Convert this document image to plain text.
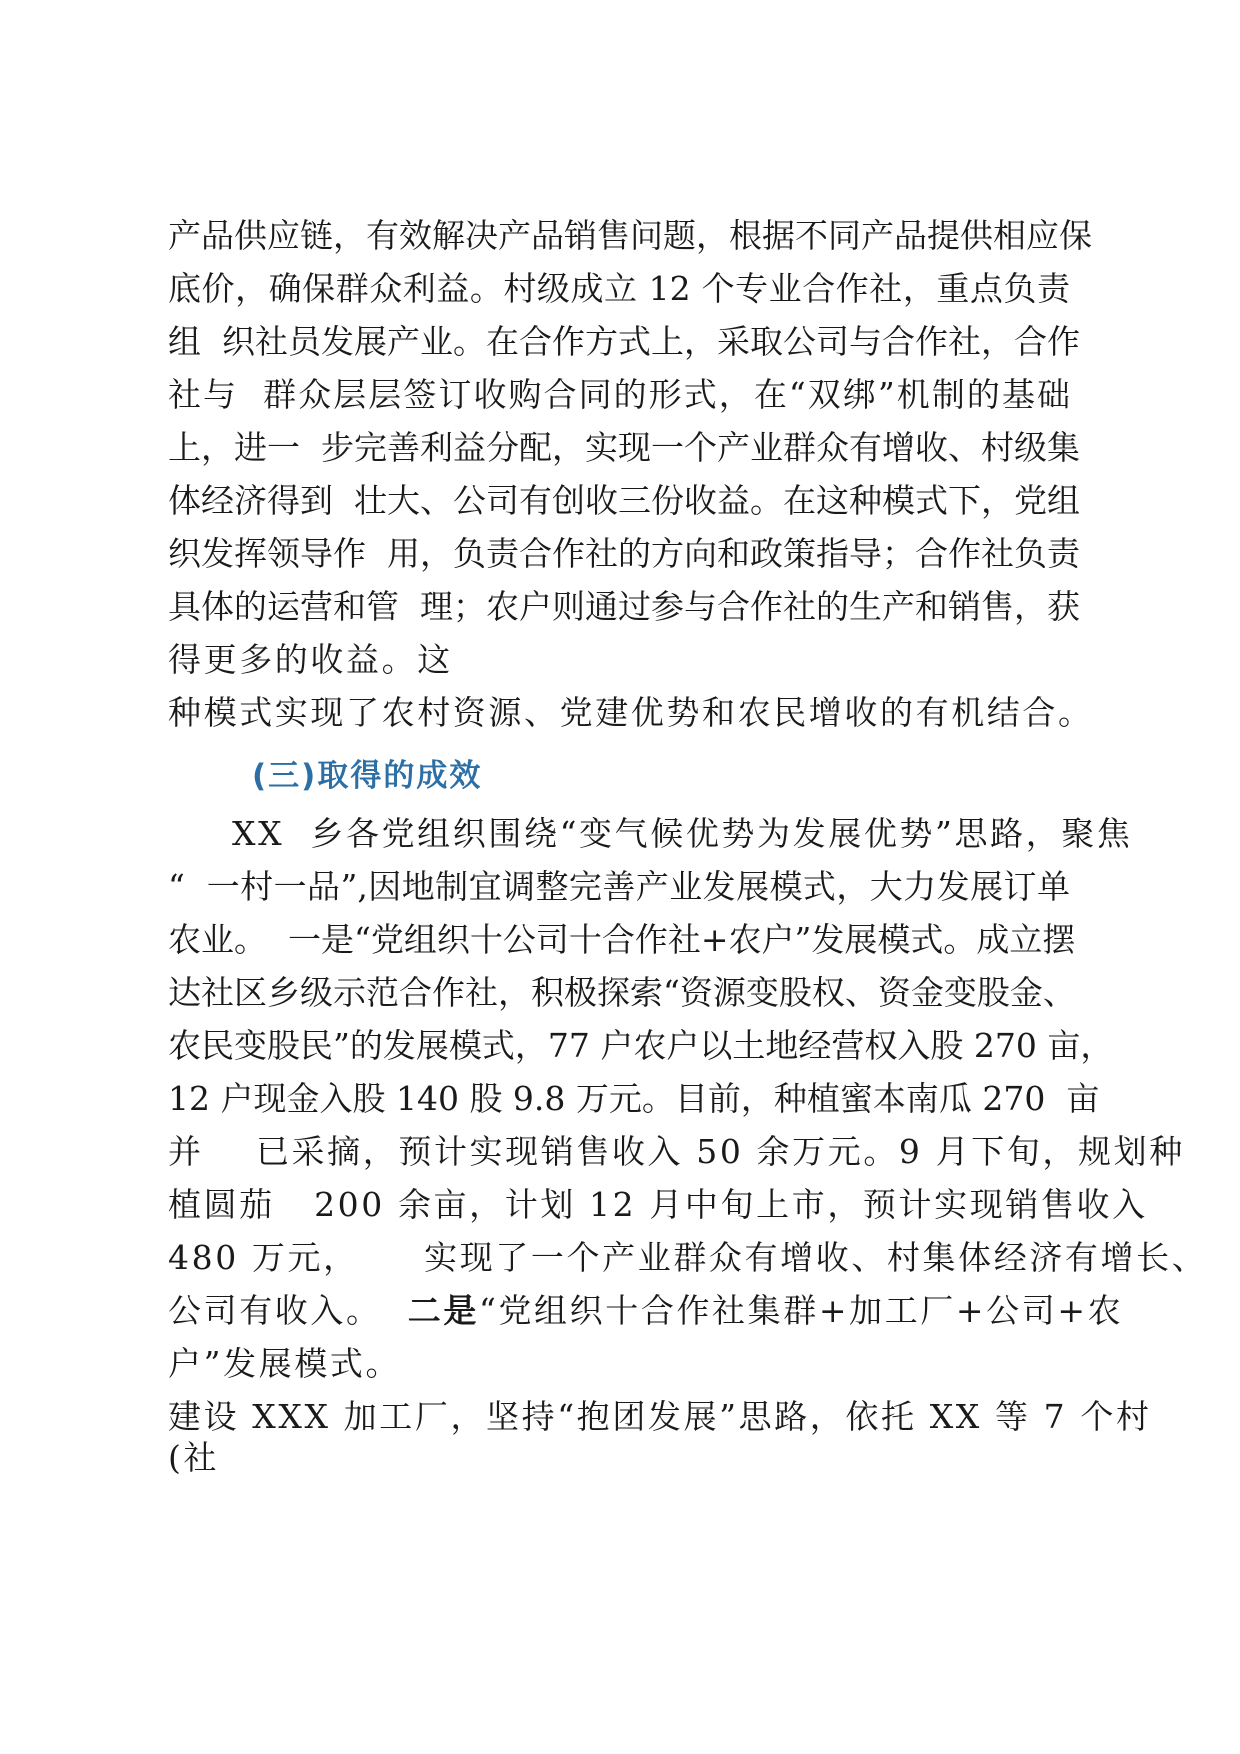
产品供应链，有效解决产品销售问题，根据不同产品提供相应保
底价，确保群众利益。村级成立 12 个专业合作社，重点负责
组  织社员发展产业。在合作方式上，采取公司与合作社，合作
社与  群众层层签订收购合同的形式，在“双绑”机制的基础
上，进一  步完善利益分配，实现一个产业群众有增收、村级集
体经济得到  壮大、公司有创收三份收益。在这种模式下，党组
织发挥领导作  用，负责合作社的方向和政策指导；合作社负责
具体的运营和管  理；农户则通过参与合作社的生产和销售，获
得更多的收益。这
种模式实现了农村资源、党建优势和农民增收的有机结合。
(三)取得的成效
XX  乡各党组织围绕“变气候优势为发展优势”思路，聚焦
“  一村一品”,因地制宜调整完善产业发展模式，大力发展订单
农业。  一是“党组织十公司十合作社+农户”发展模式。成立摆
达社区乡级示范合作社，积极探索“资源变股权、资金变股金、
农民变股民”的发展模式，77 户农户以土地经营权入股 270 亩，
12 户现金入股 140 股 9.8 万元。目前，种植蜜本南瓜 270  亩
并    已采摘，预计实现销售收入 50 余万元。9 月下旬，规划种
植圆茄   200 余亩，计划 12 月中旬上市，预计实现销售收入
480 万元，     实现了一个产业群众有增收、村集体经济有增长、
公司有收入。  二是“党组织十合作社集群+加工厂+公司+农
户”发展模式。
建设 XXX 加工厂，坚持“抱团发展”思路，依托 XX 等 7 个村
(社
